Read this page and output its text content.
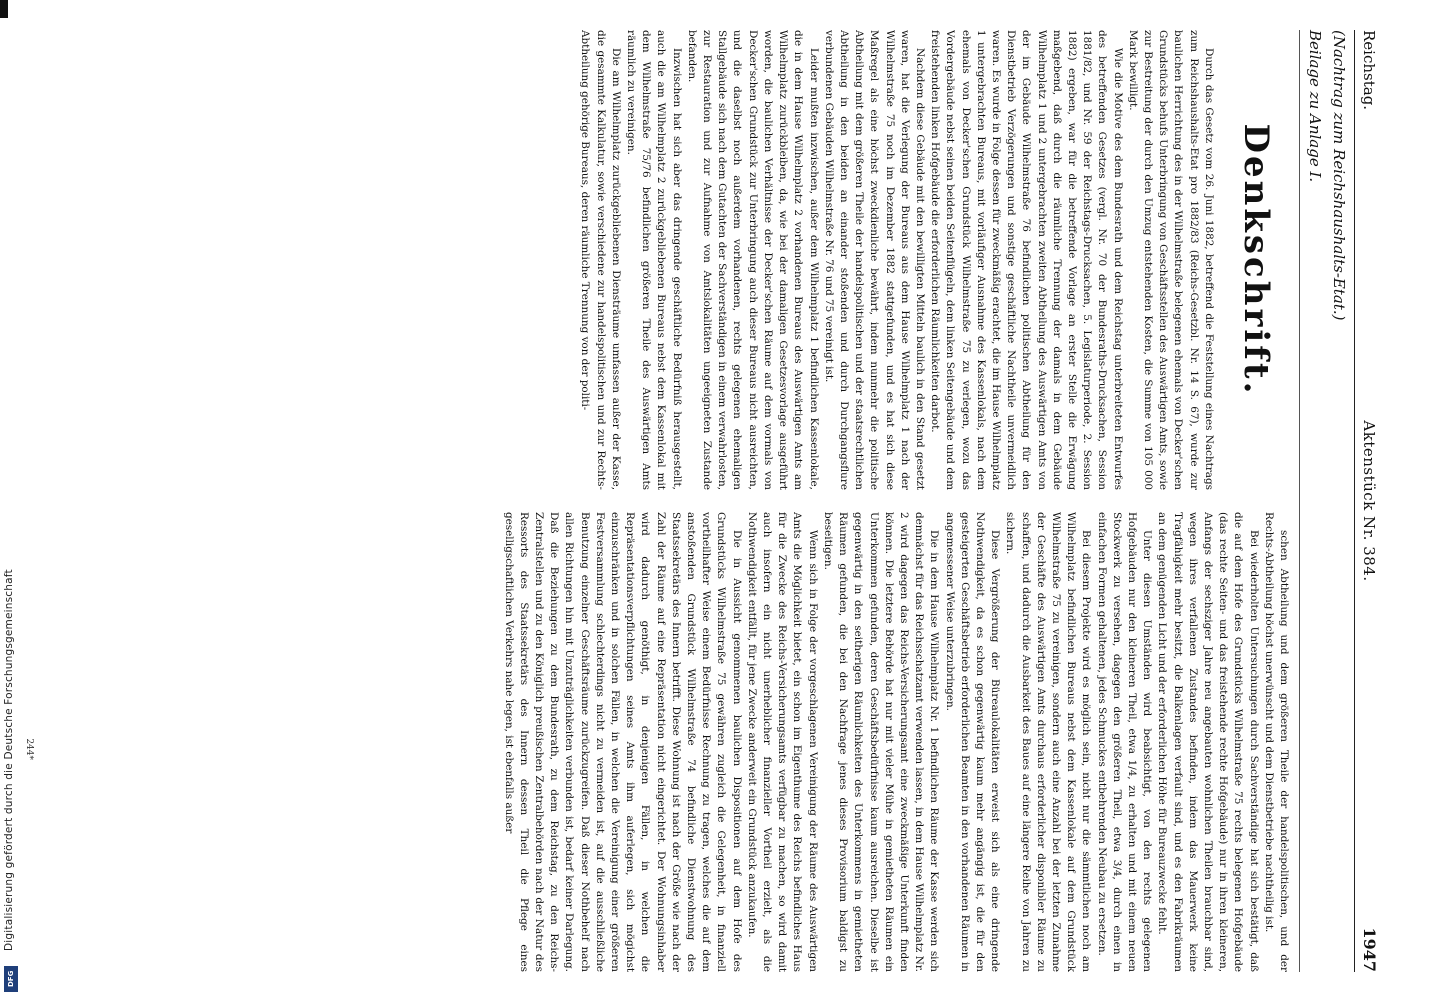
Digitalisierung gefördert durch die Deutsche Forschungsgemeinschaft
DFG
Reichstag.
Aktenstück Nr. 384.
1947
(Nachtrag zum Reichshaushalts-Etat.)
Beilage zu Anlage I.
Denkschrift.

Durch das Gesetz vom 26. Juni 1882, betreffend die Feststellung eines Nachtrags zum Reichshaushalts-Etat pro 1882/83 (Reichs-Gesetzbl. Nr. 14 S. 67), wurde zur baulichen Herrichtung des in der Wilhelmstraße belegenen ehemals von Decker'schen Grundstücks behufs Unterbringung von Geschäftsstellen des Auswärtigen Amts, sowie zur Bestreitung der durch den Umzug entstehenden Kosten, die Summe von 105 000 Mark bewilligt.

Wie die Motive des dem Bundesrath und dem Reichstag unterbreiteten Entwurfes des betreffenden Gesetzes (vergl. Nr. 70 der Bundesraths-Drucksachen, Session 1881/82, und Nr. 59 der Reichstags-Drucksachen, 5. Legislaturperiode, 2. Session 1882) ergeben, war für die betreffende Vorlage an erster Stelle die Erwägung maßgebend, daß durch die räumliche Trennung der damals in dem Gebäude Wilhelmplatz 1 und 2 untergebrachten zweiten Abtheilung des Auswärtigen Amts von der im Gebäude Wilhelmstraße 76 befindlichen politischen Abtheilung für den Dienstbetrieb Verzögerungen und sonstige geschäftliche Nachtheile unvermeidlich waren. Es wurde in Folge dessen für zweckmäßig erachtet, die im Hause Wilhelmplatz 1 untergebrachten Bureaus, mit vorläufiger Ausnahme des Kassenlokals, nach dem ehemals von Decker'schen Grundstück Wilhelmstraße 75 zu verlegen, wozu das Vordergebäude nebst seinen beiden Seitenflügeln, dem linken Seitengebäude und dem freistehenden linken Hofgebäude die erforderlichen Räumlichkeiten darbot.

Nachdem diese Gebäude mit den bewilligten Mitteln baulich in den Stand gesetzt waren, hat die Verlegung der Bureaus aus dem Hause Wilhelmplatz 1 nach der Wilhelmstraße 75 noch im Dezember 1882 stattgefunden, und es hat sich diese Maßregel als eine höchst zweckdienliche bewährt, indem nunmehr die politische Abtheilung mit dem größeren Theile der handelspolitischen und der staatsrechtlichen Abtheilung in den beiden an einander stoßenden und durch Durchgangsflure verbundenen Gebäuden Wilhelmstraße Nr. 76 und 75 vereinigt ist.

Leider mußten inzwischen, außer dem Wilhelmplatz 1 befindlichen Kassenlokale, die in dem Hause Wilhelmplatz 2 vorhandenen Bureaus des Auswärtigen Amts am Wilhelmplatz zurückbleiben, da, wie bei der damaligen Gesetzesvorlage ausgeführt worden, die baulichen Verhältnisse der Decker'schen Räume auf dem vormals von Decker'schen Grundstück zur Unterbringung auch dieser Bureaus nicht ausreichten, und die daselbst noch außerdem vorhandenen, rechts gelegenen ehemaligen Stallgebäude sich nach dem Gutachten der Sachverständigen in einem verwahrlosten, zur Restauration und zur Aufnahme von Amtslokalitäten ungeeigneten Zustande befanden.

Inzwischen hat sich aber das dringende geschäftliche Bedürfniß herausgestellt, auch die am Wilhelmplatz 2 zurückgebliebenen Bureaus nebst dem Kassenlokal mit dem Wilhelmstraße 75/76 befindlichen größeren Theile des Auswärtigen Amts räumlich zu vereinigen.

Die am Wilhelmplatz zurückgebliebenen Diensträume umfassen außer der Kasse, die gesammte Kalkulatur, sowie verschiedene zur handelspolitischen und zur Rechts-Abtheilung gehörige Bureaus, deren räumliche Trennung von der politi-

schen Abtheilung und dem größeren Theile der handelspolitischen, und der Rechts-Abtheilung höchst unerwünscht und dem Dienstbetriebe nachtheilig ist.

Bei wiederholten Untersuchungen durch Sachverständige hat sich bestätigt, daß die auf dem Hofe des Grundstücks Wilhelmstraße 75 rechts belegenen Hofgebäude (das rechte Seiten- und das freistehende rechte Hofgebäude) nur in ihren kleineren, Anfangs der sechsziger Jahre neu angebauten wohnlichen Theilen brauchbar sind, wegen ihres verfallenen Zustandes befinden, indem das Mauerwerk keine Tragfähigkeit mehr besitzt, die Balkenlagen verfault sind, und es den Fabrikräumen an dem genügenden Licht und der erforderlichen Höhe für Bureauzwecke fehlt.

Unter diesen Umständen wird beabsichtigt, von den rechts gelegenen Hofgebäuden nur den kleineren Theil, etwa 1/4, zu erhalten und mit einem neuen Stockwerk zu versehen, dagegen den größeren Theil, etwa 3/4, durch einen in einfachen Formen gehaltenen, jedes Schmuckes entbehrenden Neubau zu ersetzen.

Bei diesem Projekte wird es möglich sein, nicht nur die sämmtlichen noch am Wilhelmplatz befindlichen Bureaus nebst dem Kassenlokale auf dem Grundstück Wilhelmstraße 75 zu vereinigen, sondern auch eine Anzahl bei der letzten Zunahme der Geschäfte des Auswärtigen Amts durchaus erforderlicher disponibler Räume zu schaffen, und dadurch die Ausbarkeit des Baues auf eine längere Reihe von Jahren zu sichern.

Diese Vergrößerung der Büreaulokalitäten erweist sich als eine dringende Nothwendigkeit, da es schon gegenwärtig kaum mehr angängig ist, die für den gesteigerten Geschäftsbetrieb erforderlichen Beamten in den vorhandenen Räumen in angemessener Weise unterzubringen.

Die in dem Hause Wilhelmplatz Nr. 1 befindlichen Räume der Kasse werden sich demnächst für das Reichsschatzamt verwenden lassen, in dem Hause Wilhelmplatz Nr. 2 wird dagegen das Reichs-Versicherungsamt eine zweckmäßige Unterkunft finden können. Die letztere Behörde hat nur mit vieler Mühe in gemietheten Räumen ein Unterkommen gefunden, deren Geschäftsbedürfnisse kaum ausreichen. Dieselbe ist gegenwärtig in den seitherigen Räumlichkeiten des Unterkommens in gemietheten Räumen gefunden, die bei den Nachfrage jenes dieses Provisorium baldigst zu beseitigen.

Wenn sich in Folge der vorgeschlagenen Vereinigung der Räume des Auswärtigen Amts die Möglichkeit bietet, ein schon im Eigenthume des Reichs befindliches Haus für die Zwecke des Reichs-Versicherungsamts verfügbar zu machen, so wird damit auch insofern ein nicht unerheblicher finanzieller Vortheil erzielt, als die Nothwendigkeit entfällt, für jene Zwecke anderweit ein Grundstück anzukaufen.

Die in Aussicht genommenen baulichen Dispositionen auf dem Hofe des Grundstücks Wilhelmstraße 75 gewähren zugleich die Gelegenheit, in finanziell vortheilhafter Weise einem Bedürfnisse Rechnung zu tragen, welches die auf dem anstoßenden Grundstück Wilhelmstraße 74 befindliche Dienstwohnung des Staatssekretärs des Innern betrifft. Diese Wohnung ist nach der Größe wie nach der Zahl der Räume auf eine Repräsentation nicht eingerichtet. Der Wohnungsinhaber wird dadurch genöthigt, in denjenigen Fällen, in welchen die Repräsentationsverpflichtungen seines Amts ihm auferlegen, sich mögichst einzuschränken und in solchen Fällen, in welchen die Vereinigung einer größeren Festversammlung schlechterdings nicht zu vermeiden ist, auf die ausschließliche Benutzung einzelner Geschäftsräume zurückzugreifen. Daß dieser Nothbehelf nach allen Richtungen hin mit Unzuträglichkeiten verbunden ist, bedarf keiner Darlegung. Daß die Beziehungen zu dem Bundesrath, zu dem Reichstag, zu den Reichs-Zentralstellen und zu den Königlich preußischen Zentralbehörden nach der Natur des Ressorts des Staatssekretärs des Innern dessen Theil die Pflege eines geselligschaftlichen Verkehrs nahe legen, ist ebenfalls außer

244*
